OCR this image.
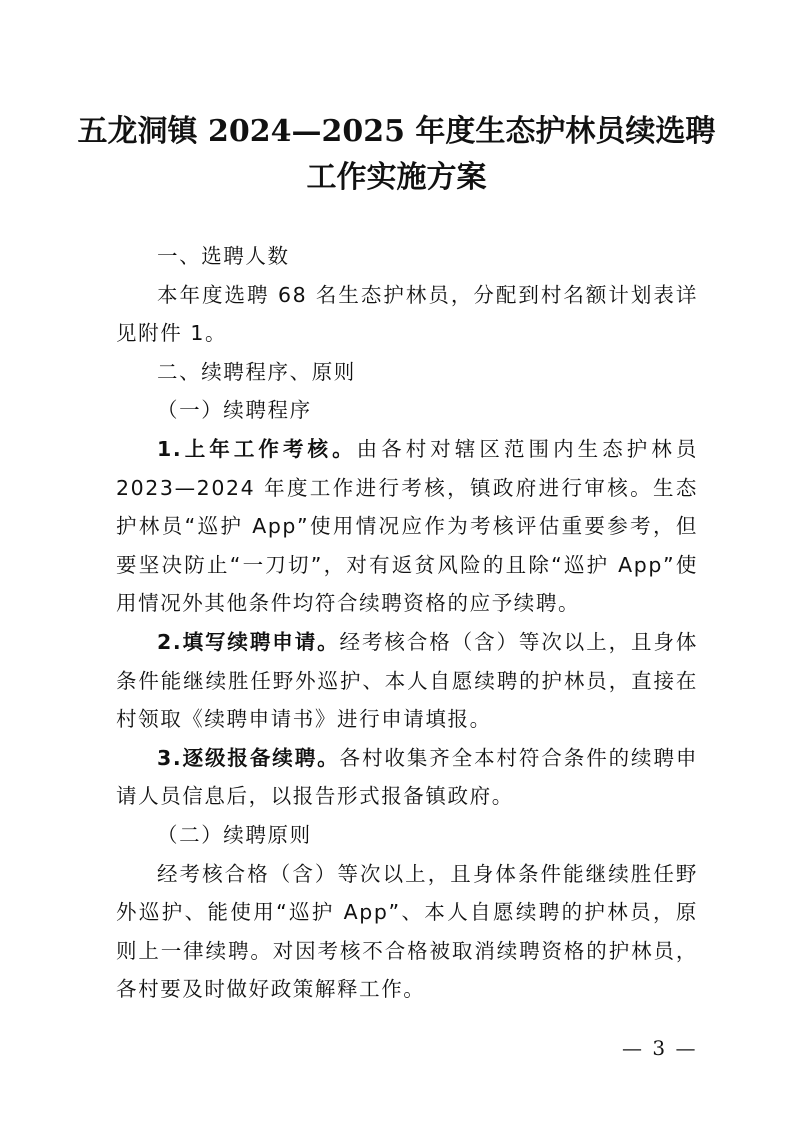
五龙洞镇 2024—2025 年度生态护林员续选聘
工作实施方案

一、选聘人数

本年度选聘 68 名生态护林员，分配到村名额计划表详见附件 1。

二、续聘程序、原则

（一）续聘程序

1.上年工作考核。由各村对辖区范围内生态护林员 2023—2024 年度工作进行考核，镇政府进行审核。生态护林员“巡护 App”使用情况应作为考核评估重要参考，但要坚决防止“一刀切”，对有返贫风险的且除“巡护 App”使用情况外其他条件均符合续聘资格的应予续聘。

2.填写续聘申请。经考核合格（含）等次以上，且身体条件能继续胜任野外巡护、本人自愿续聘的护林员，直接在村领取《续聘申请书》进行申请填报。

3.逐级报备续聘。各村收集齐全本村符合条件的续聘申请人员信息后，以报告形式报备镇政府。

（二）续聘原则

经考核合格（含）等次以上，且身体条件能继续胜任野外巡护、能使用“巡护 App”、本人自愿续聘的护林员，原则上一律续聘。对因考核不合格被取消续聘资格的护林员，各村要及时做好政策解释工作。

— 3 —
